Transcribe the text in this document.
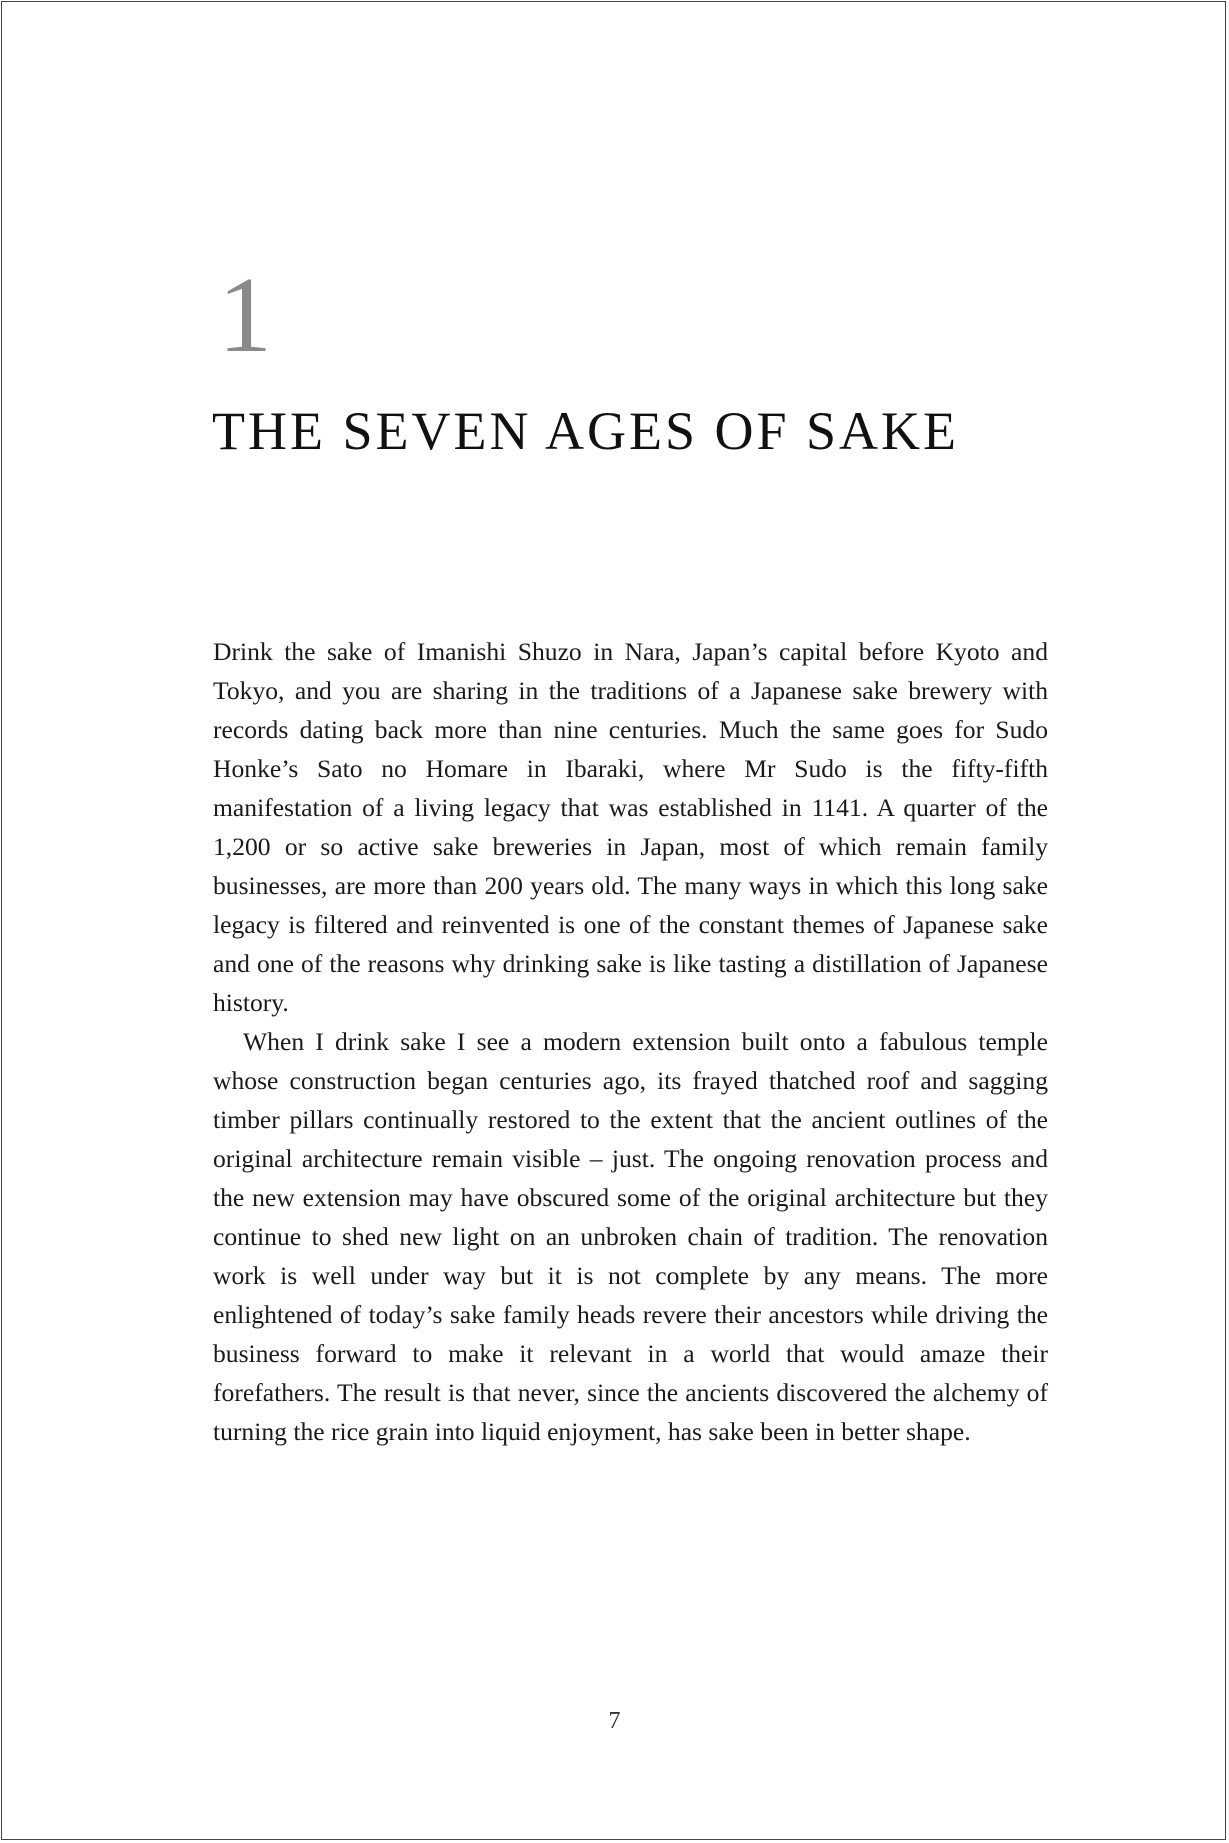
1
THE SEVEN AGES OF SAKE

Drink the sake of Imanishi Shuzo in Nara, Japan’s capital before Kyoto and Tokyo, and you are sharing in the traditions of a Japanese sake brewery with records dating back more than nine centuries. Much the same goes for Sudo Honke’s Sato no Homare in Ibaraki, where Mr Sudo is the fifty-fifth manifestation of a living legacy that was established in 1141. A quarter of the 1,200 or so active sake breweries in Japan, most of which remain family businesses, are more than 200 years old. The many ways in which this long sake legacy is filtered and reinvented is one of the constant themes of Japanese sake and one of the reasons why drinking sake is like tasting a distillation of Japanese history.

When I drink sake I see a modern extension built onto a fabulous temple whose construction began centuries ago, its frayed thatched roof and sagging timber pillars continually restored to the extent that the ancient outlines of the original architecture remain visible – just. The ongoing renovation process and the new extension may have obscured some of the original architecture but they continue to shed new light on an unbroken chain of tradition. The renovation work is well under way but it is not complete by any means. The more enlightened of today’s sake family heads revere their ancestors while driving the business forward to make it relevant in a world that would amaze their forefathers. The result is that never, since the ancients discovered the alchemy of turning the rice grain into liquid enjoyment, has sake been in better shape.

7
